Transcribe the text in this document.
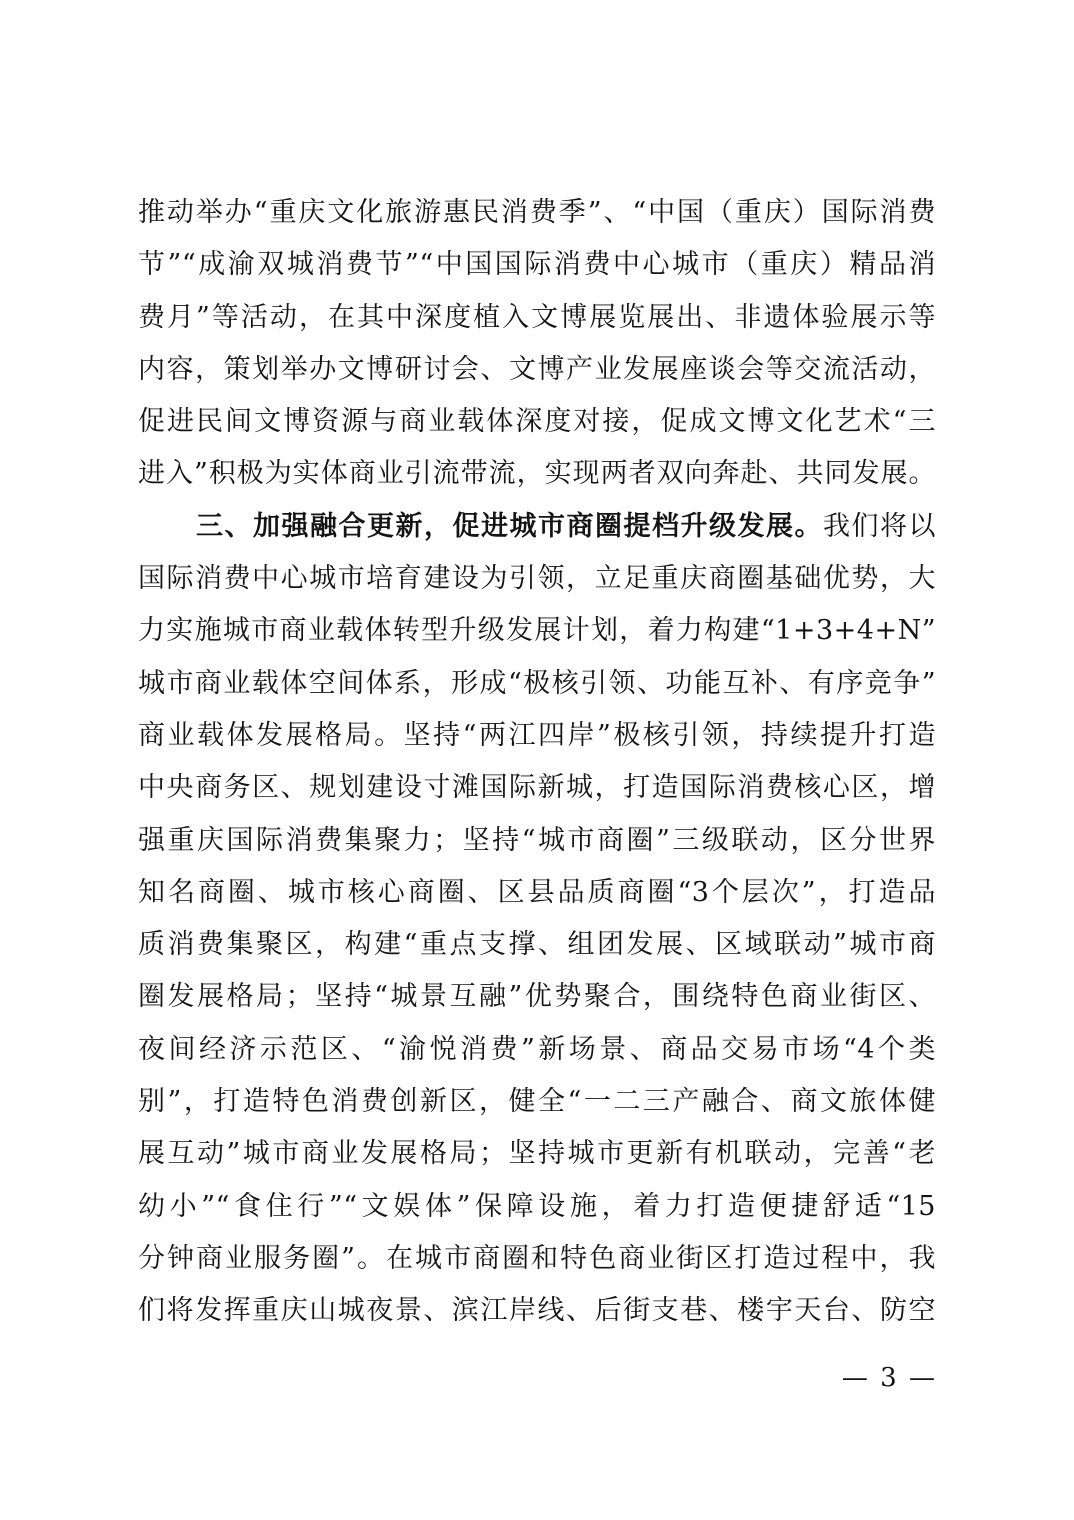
推动举办“重庆文化旅游惠民消费季”、“中国（重庆）国际消费
节”“成渝双城消费节”“中国国际消费中心城市（重庆）精品消
费月”等活动，在其中深度植入文博展览展出、非遗体验展示等
内容，策划举办文博研讨会、文博产业发展座谈会等交流活动，
促进民间文博资源与商业载体深度对接，促成文博文化艺术“三
进入”积极为实体商业引流带流，实现两者双向奔赴、共同发展。
三、加强融合更新，促进城市商圈提档升级发展。我们将以
国际消费中心城市培育建设为引领，立足重庆商圈基础优势，大
力实施城市商业载体转型升级发展计划，着力构建“1+3+4+N”
城市商业载体空间体系，形成“极核引领、功能互补、有序竞争”
商业载体发展格局。坚持“两江四岸”极核引领，持续提升打造
中央商务区、规划建设寸滩国际新城，打造国际消费核心区，增
强重庆国际消费集聚力；坚持“城市商圈”三级联动，区分世界
知名商圈、城市核心商圈、区县品质商圈“3个层次”，打造品
质消费集聚区，构建“重点支撑、组团发展、区域联动”城市商
圈发展格局；坚持“城景互融”优势聚合，围绕特色商业街区、
夜间经济示范区、“渝悦消费”新场景、商品交易市场“4个类
别”，打造特色消费创新区，健全“一二三产融合、商文旅体健
展互动”城市商业发展格局；坚持城市更新有机联动，完善“老
幼小”“食住行”“文娱体”保障设施，着力打造便捷舒适“15
分钟商业服务圈”。在城市商圈和特色商业街区打造过程中，我
们将发挥重庆山城夜景、滨江岸线、后街支巷、楼宇天台、防空
— 3 —
